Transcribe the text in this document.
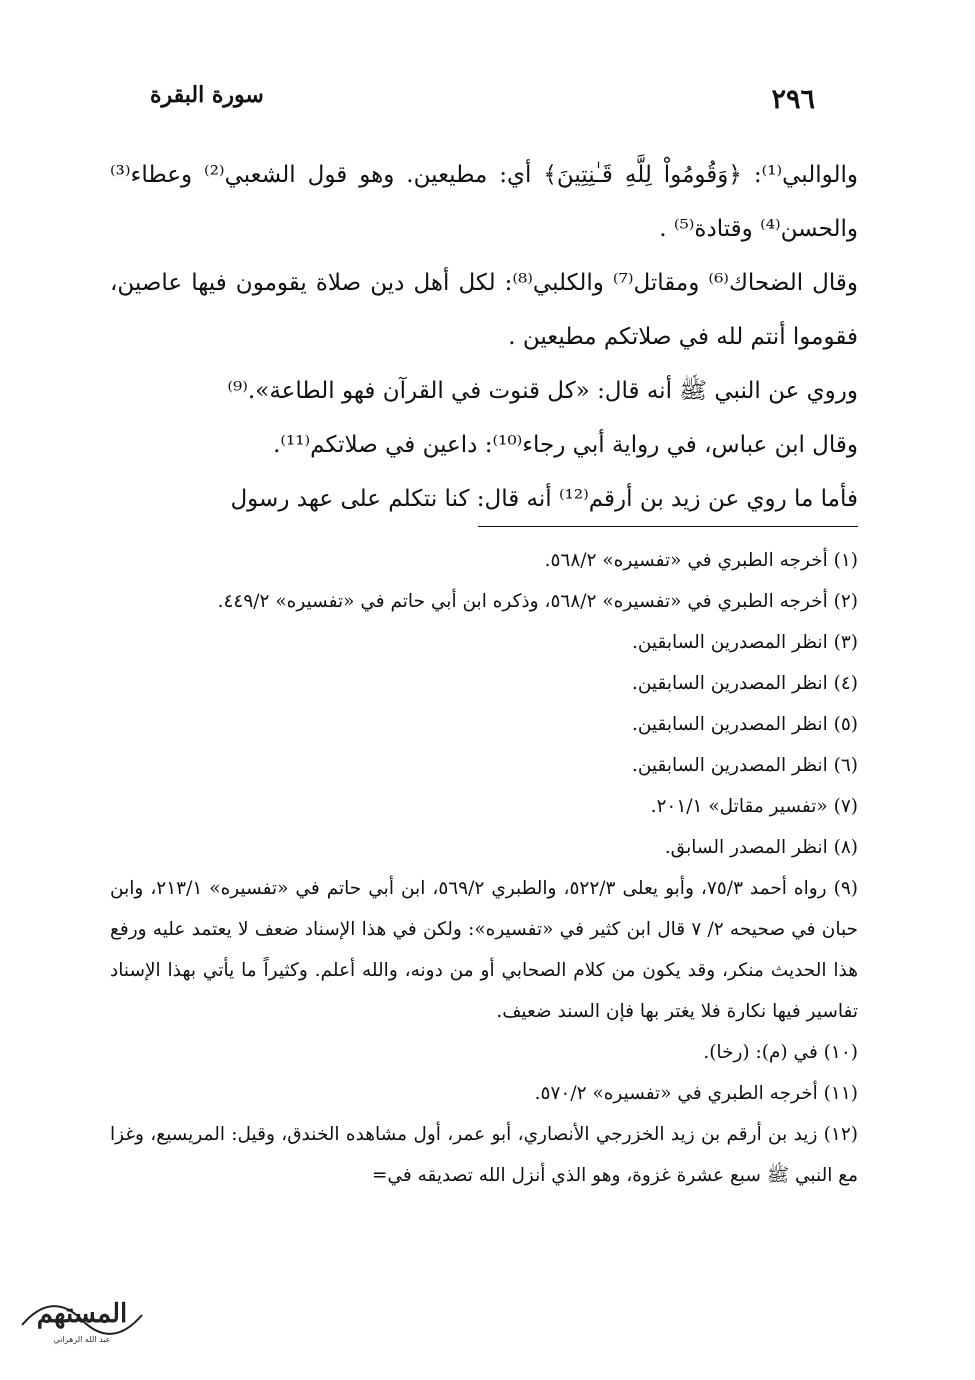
٢٩٦
سورة البقرة

والوالبي⁽¹⁾: ﴿وَقُومُواْ لِلَّهِ قَـٰنِتِينَ﴾ أي: مطيعين. وهو قول الشعبي⁽²⁾ وعطاء⁽³⁾ والحسن⁽⁴⁾ وقتادة⁽⁵⁾ .

وقال الضحاك⁽⁶⁾ ومقاتل⁽⁷⁾ والكلبي⁽⁸⁾: لكل أهل دين صلاة يقومون فيها عاصين، فقوموا أنتم لله في صلاتكم مطيعين .

وروي عن النبي ﷺ أنه قال: «كل قنوت في القرآن فهو الطاعة».⁽⁹⁾

وقال ابن عباس، في رواية أبي رجاء⁽¹⁰⁾: داعين في صلاتكم⁽¹¹⁾.

فأما ما روي عن زيد بن أرقم⁽¹²⁾ أنه قال: كنا نتكلم على عهد رسول

(١) أخرجه الطبري في «تفسيره» ٥٦٨/٢.

(٢) أخرجه الطبري في «تفسيره» ٥٦٨/٢، وذكره ابن أبي حاتم في «تفسيره» ٤٤٩/٢.

(٣) انظر المصدرين السابقين.

(٤) انظر المصدرين السابقين.

(٥) انظر المصدرين السابقين.

(٦) انظر المصدرين السابقين.

(٧) «تفسير مقاتل» ٢٠١/١.

(٨) انظر المصدر السابق.

(٩) رواه أحمد ٧٥/٣، وأبو يعلى ٥٢٢/٣، والطبري ٥٦٩/٢، ابن أبي حاتم في «تفسيره» ٢١٣/١، وابن حبان في صحيحه ٢/ ٧ قال ابن كثير في «تفسيره»: ولكن في هذا الإسناد ضعف لا يعتمد عليه ورفع هذا الحديث منكر، وقد يكون من كلام الصحابي أو من دونه، والله أعلم. وكثيراً ما يأتي بهذا الإسناد تفاسير فيها نكارة فلا يغتر بها فإن السند ضعيف.

(١٠) في (م): (رخا).

(١١) أخرجه الطبري في «تفسيره» ٥٧٠/٢.

(١٢) زيد بن أرقم بن زيد الخزرجي الأنصاري، أبو عمر، أول مشاهده الخندق، وقيل: المريسيع، وغزا مع النبي ﷺ سبع عشرة غزوة، وهو الذي أنزل الله تصديقه في=

المستهم
عبد الله الزهراني
